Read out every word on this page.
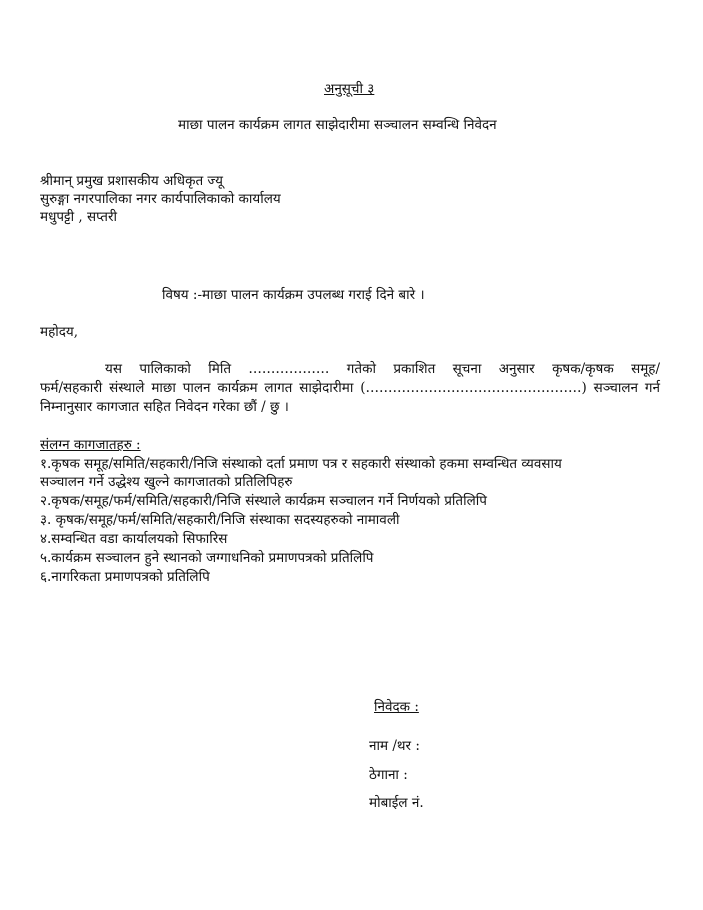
अनुसूची ३
माछा पालन कार्यक्रम लागत साझेदारीमा सञ्चालन सम्वन्धि निवेदन
श्रीमान् प्रमुख प्रशासकीय अधिकृत ज्यू
सुरुङ्गा नगरपालिका नगर कार्यपालिकाको कार्यालय
मधुपट्टी , सप्तरी
विषय :-माछा पालन कार्यक्रम उपलब्ध गराई दिने बारे ।
महोदय,
यस पालिकाको मिति ……………… गतेको प्रकाशित सूचना अनुसार कृषक/कृषक समूह/
फर्म/सहकारी संस्थाले माछा पालन कार्यक्रम लागत साझेदारीमा (…………………………………………) सञ्चालन गर्न
निम्नानुसार कागजात सहित निवेदन गरेका छौं / छु ।
संलग्न कागजातहरु :
१.कृषक समूह/समिति/सहकारी/निजि संस्थाको दर्ता प्रमाण पत्र र सहकारी संस्थाको हकमा सम्वन्धित व्यवसाय
सञ्चालन गर्ने उद्धेश्य खुल्ने कागजातको प्रतिलिपिहरु
२.कृषक/समूह/फर्म/समिति/सहकारी/निजि संस्थाले कार्यक्रम सञ्चालन गर्ने निर्णयको प्रतिलिपि
३. कृषक/समूह/फर्म/समिति/सहकारी/निजि संस्थाका सदस्यहरुको नामावली
४.सम्वन्धित वडा कार्यालयको सिफारिस
५.कार्यक्रम सञ्चालन हुने स्थानको जग्गाधनिको प्रमाणपत्रको प्रतिलिपि
६.नागरिकता प्रमाणपत्रको प्रतिलिपि
निवेदक :
नाम /थर :
ठेगाना :
मोबाईल नं.
